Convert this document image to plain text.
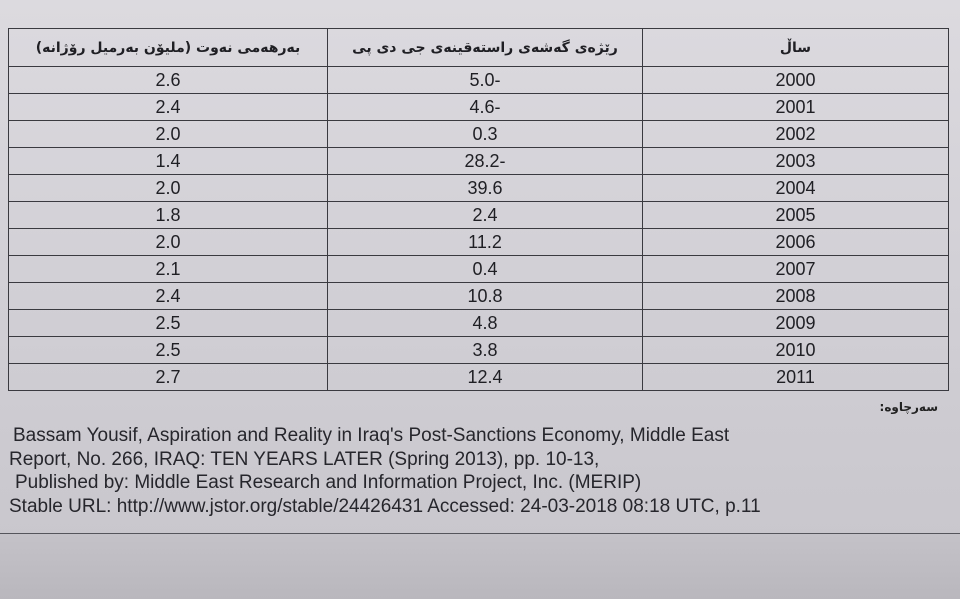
بەرهەمی نەوت (ملیۆن بەرمیل رۆژانە)	رێژەی گەشەی راستەقینەی جی دی پی	ساڵ
2.6	5.0-	2000
2.4	4.6-	2001
2.0	0.3	2002
1.4	28.2-	2003
2.0	39.6	2004
1.8	2.4	2005
2.0	11.2	2006
2.1	0.4	2007
2.4	10.8	2008
2.5	4.8	2009
2.5	3.8	2010
2.7	12.4	2011
سەرچاوە:
Bassam Yousif, Aspiration and Reality in Iraq's Post-Sanctions Economy, Middle East
Report, No. 266, IRAQ: TEN YEARS LATER (Spring 2013), pp. 10-13,
Published by: Middle East Research and Information Project, Inc. (MERIP)
Stable URL: http://www.jstor.org/stable/24426431 Accessed: 24-03-2018 08:18 UTC, p.11
